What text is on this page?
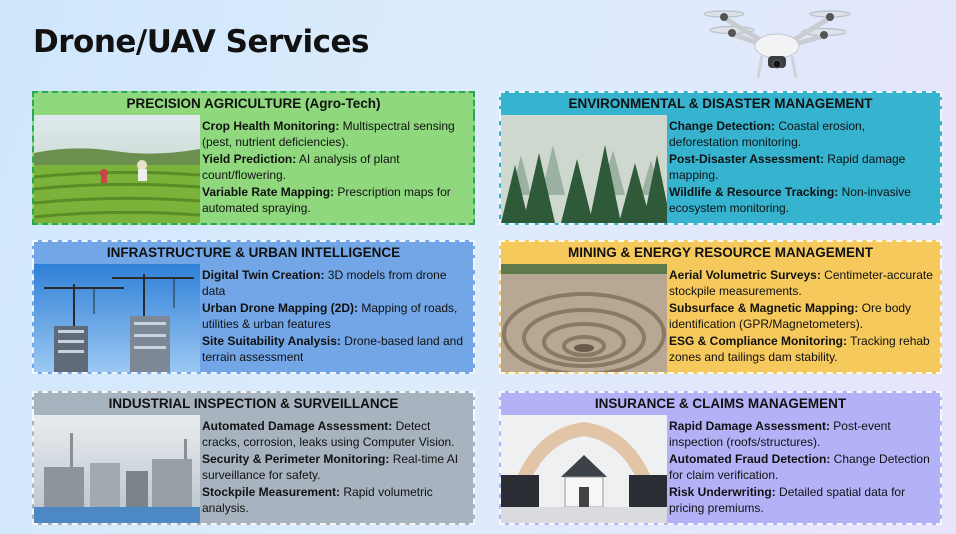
Drone/UAV Services
PRECISION AGRICULTURE (Agro-Tech)

Crop Health Monitoring: Multispectral sensing (pest, nutrient deficiencies).

Yield Prediction: AI analysis of plant count/flowering.

Variable Rate Mapping: Prescription maps for automated spraying.

ENVIRONMENTAL & DISASTER MANAGEMENT

Change Detection: Coastal erosion, deforestation monitoring.

Post-Disaster Assessment: Rapid damage mapping.

Wildlife & Resource Tracking: Non-invasive ecosystem monitoring.

INFRASTRUCTURE & URBAN INTELLIGENCE

Digital Twin Creation: 3D models from drone data

Urban Drone Mapping (2D): Mapping of roads, utilities & urban features

Site Suitability Analysis: Drone-based land and terrain assessment

MINING & ENERGY RESOURCE MANAGEMENT

Aerial Volumetric Surveys: Centimeter-accurate stockpile measurements.

Subsurface & Magnetic Mapping: Ore body identification (GPR/Magnetometers).

ESG & Compliance Monitoring: Tracking rehab zones and tailings dam stability.

INDUSTRIAL INSPECTION & SURVEILLANCE

Automated Damage Assessment: Detect cracks, corrosion, leaks using Computer Vision.

Security & Perimeter Monitoring: Real-time AI surveillance for safety.

Stockpile Measurement: Rapid volumetric analysis.

INSURANCE & CLAIMS MANAGEMENT

Rapid Damage Assessment: Post-event inspection (roofs/structures).

Automated Fraud Detection: Change Detection for claim verification.

Risk Underwriting: Detailed spatial data for pricing premiums.
